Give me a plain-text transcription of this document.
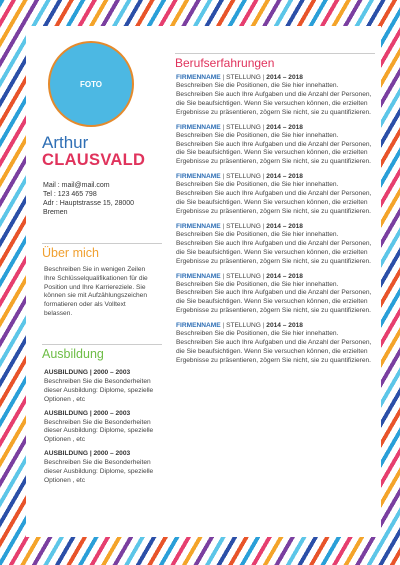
FOTO
Arthur
CLAUSVALD
Mail : mail@mail.com
Tel : 123 465 798
Adr : Hauptstrasse 15, 28000
Bremen
Über mich
Beschreiben Sie in wenigen Zeilen Ihre Schlüsselqualifikationen für die Position und Ihre Karriereziele. Sie können sie mit Aufzählungszeichen formatieren oder als Volltext belassen.
Ausbildung
AUSBILDUNG | 2000 – 2003
Beschreiben Sie die Besonderheiten dieser Ausbildung: Diplome, spezielle Optionen , etc
AUSBILDUNG | 2000 – 2003
Beschreiben Sie die Besonderheiten dieser Ausbildung: Diplome, spezielle Optionen , etc
AUSBILDUNG | 2000 – 2003
Beschreiben Sie die Besonderheiten dieser Ausbildung: Diplome, spezielle Optionen , etc
Berufserfahrungen
FIRMENNAME | STELLUNG | 2014 – 2018
Beschreiben Sie die Positionen, die Sie hier innehatten. Beschreiben Sie auch Ihre Aufgaben und die Anzahl der Personen, die Sie beaufsichtigen. Wenn Sie versuchen können, die erzielten Ergebnisse zu präsentieren, zögern Sie nicht, sie zu quantifizieren.
FIRMENNAME | STELLUNG | 2014 – 2018
Beschreiben Sie die Positionen, die Sie hier innehatten. Beschreiben Sie auch Ihre Aufgaben und die Anzahl der Personen, die Sie beaufsichtigen. Wenn Sie versuchen können, die erzielten Ergebnisse zu präsentieren, zögern Sie nicht, sie zu quantifizieren.
FIRMENNAME | STELLUNG | 2014 – 2018
Beschreiben Sie die Positionen, die Sie hier innehatten. Beschreiben Sie auch Ihre Aufgaben und die Anzahl der Personen, die Sie beaufsichtigen. Wenn Sie versuchen können, die erzielten Ergebnisse zu präsentieren, zögern Sie nicht, sie zu quantifizieren.
FIRMENNAME | STELLUNG | 2014 – 2018
Beschreiben Sie die Positionen, die Sie hier innehatten. Beschreiben Sie auch Ihre Aufgaben und die Anzahl der Personen, die Sie beaufsichtigen. Wenn Sie versuchen können, die erzielten Ergebnisse zu präsentieren, zögern Sie nicht, sie zu quantifizieren.
FIRMENNAME | STELLUNG | 2014 – 2018
Beschreiben Sie die Positionen, die Sie hier innehatten. Beschreiben Sie auch Ihre Aufgaben und die Anzahl der Personen, die Sie beaufsichtigen. Wenn Sie versuchen können, die erzielten Ergebnisse zu präsentieren, zögern Sie nicht, sie zu quantifizieren.
FIRMENNAME | STELLUNG | 2014 – 2018
Beschreiben Sie die Positionen, die Sie hier innehatten. Beschreiben Sie auch Ihre Aufgaben und die Anzahl der Personen, die Sie beaufsichtigen. Wenn Sie versuchen können, die erzielten Ergebnisse zu präsentieren, zögern Sie nicht, sie zu quantifizieren.
